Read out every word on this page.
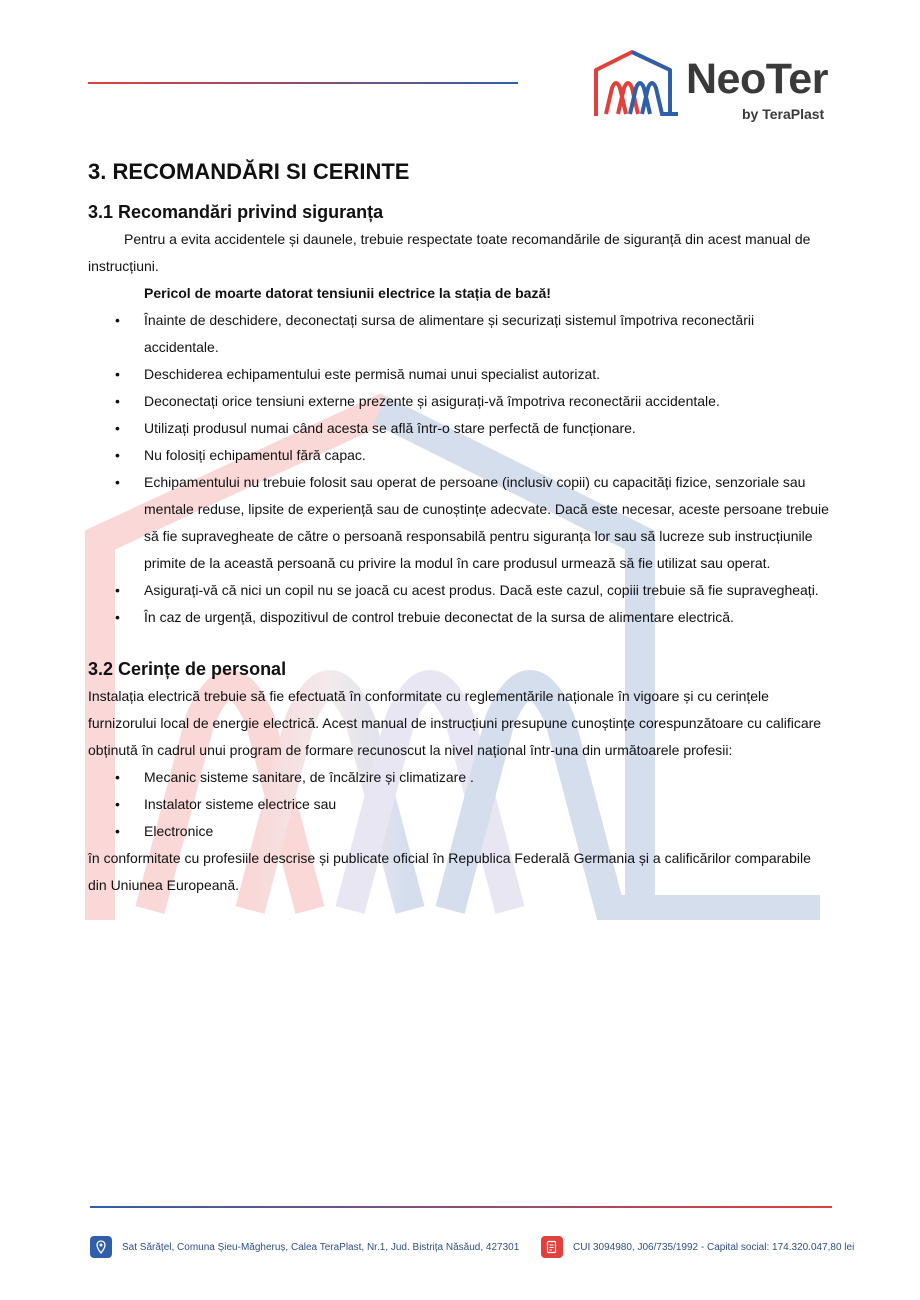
NeoTer
by TeraPlast
3. RECOMANDĂRI SI CERINTE
3.1 Recomandări privind siguranța

Pentru a evita accidentele și daunele, trebuie respectate toate recomandările de siguranță din acest manual de instrucțiuni.

Pericol de moarte datorat tensiunii electrice la stația de bază!

• Înainte de deschidere, deconectați sursa de alimentare și securizați sistemul împotriva reconectării accidentale.
• Deschiderea echipamentului este permisă numai unui specialist autorizat.
• Deconectați orice tensiuni externe prezente și asigurați-vă împotriva reconectării accidentale.
• Utilizați produsul numai când acesta se află într-o stare perfectă de funcționare.
• Nu folosiți echipamentul fără capac.
• Echipamentului nu trebuie folosit sau operat de persoane (inclusiv copii) cu capacități fizice, senzoriale sau mentale reduse, lipsite de experiență sau de cunoștințe adecvate. Dacă este necesar, aceste persoane trebuie să fie supravegheate de către o persoană responsabilă pentru siguranța lor sau să lucreze sub instrucțiunile primite de la această persoană cu privire la modul în care produsul urmează să fie utilizat sau operat.
• Asigurați-vă că nici un copil nu se joacă cu acest produs. Dacă este cazul, copiii trebuie să fie supravegheați.
• În caz de urgență, dispozitivul de control trebuie deconectat de la sursa de alimentare electrică.
3.2 Cerințe de personal

Instalația electrică trebuie să fie efectuată în conformitate cu reglementările naționale în vigoare și cu cerințele furnizorului local de energie electrică. Acest manual de instrucțiuni presupune cunoștințe corespunzătoare cu calificare obținută în cadrul unui program de formare recunoscut la nivel național într-una din următoarele profesii:

• Mecanic sisteme sanitare, de încălzire și climatizare .
• Instalator sisteme electrice sau
• Electronice

în conformitate cu profesiile descrise și publicate oficial în Republica Federală Germania și a calificărilor comparabile din Uniunea Europeană.

Sat Sărățel, Comuna Șieu-Măgheruș, Calea TeraPlast, Nr.1, Jud. Bistrița Năsăud, 427301	CUI 3094980, J06/735/1992 - Capital social: 174.320.047,80 lei
